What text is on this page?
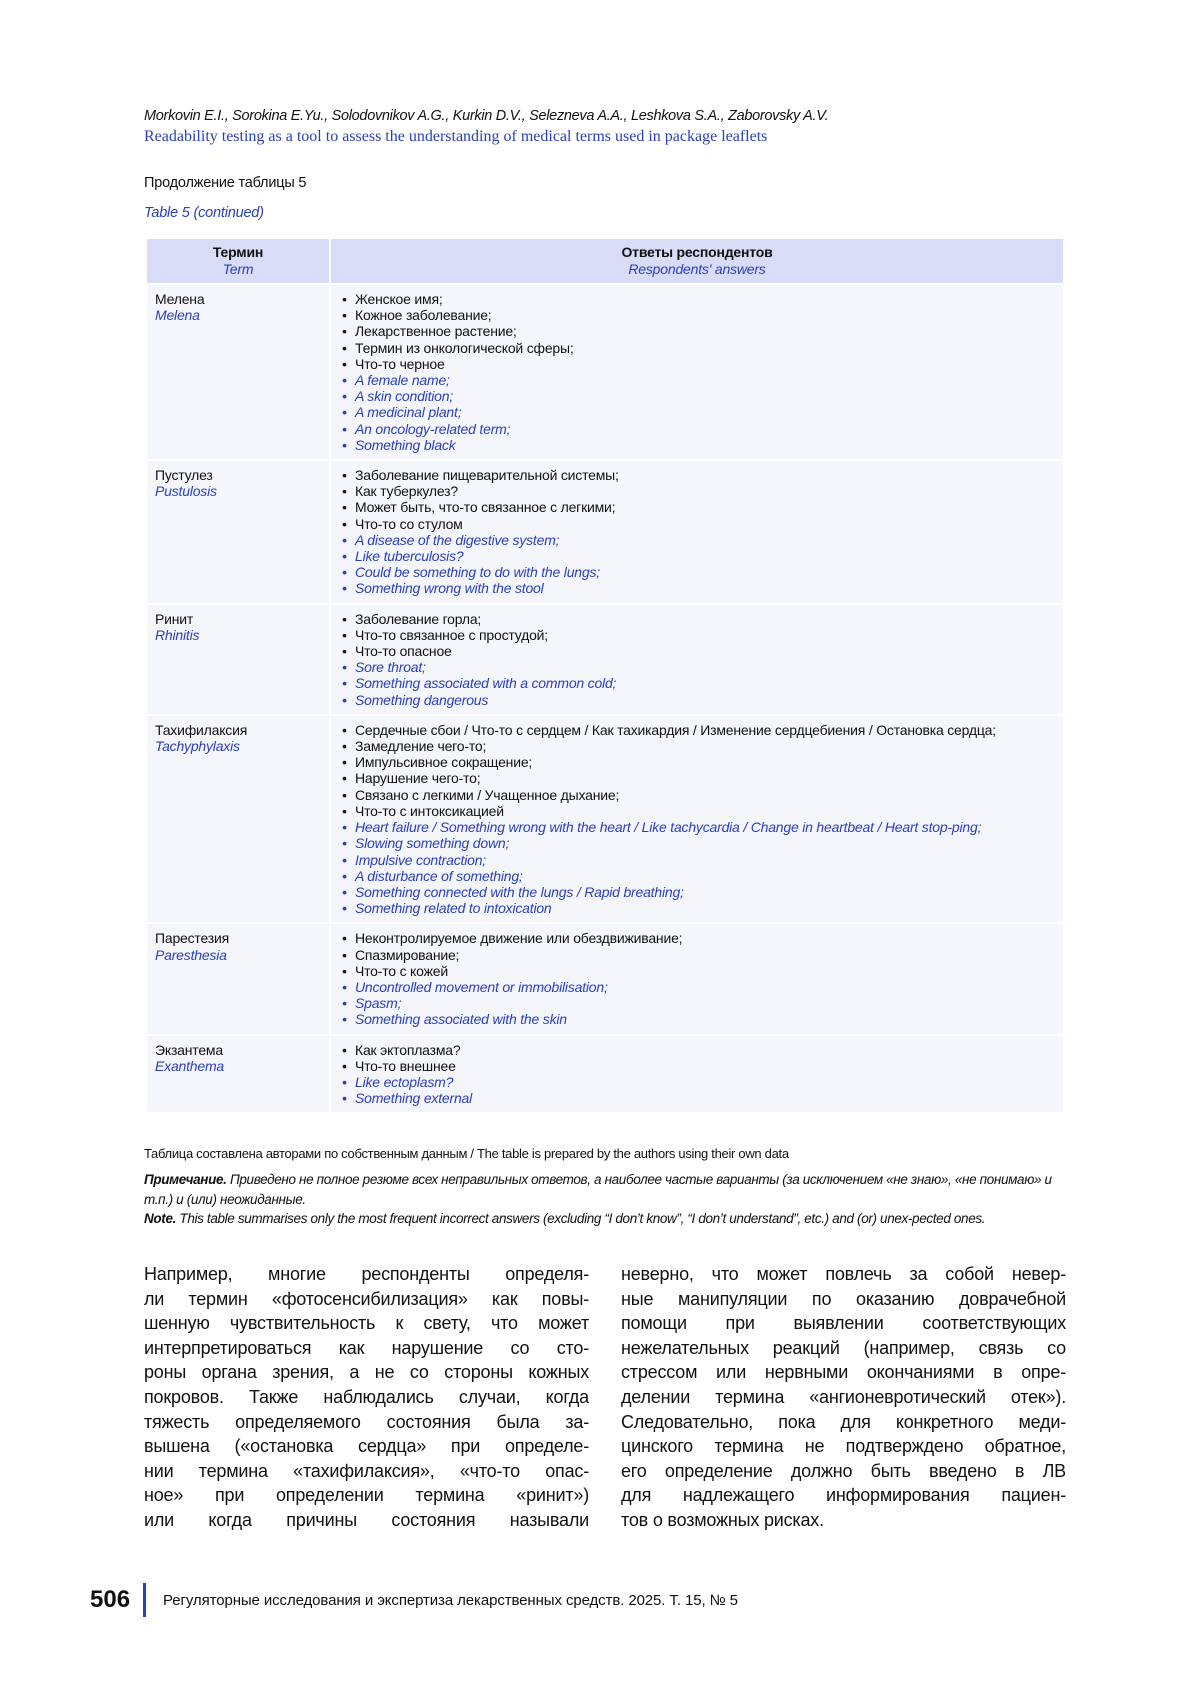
Morkovin E.I., Sorokina E.Yu., Solodovnikov A.G., Kurkin D.V., Selezneva A.A., Leshkova S.A., Zaborovsky A.V.
Readability testing as a tool to assess the understanding of medical terms used in package leaflets
Продолжение таблицы 5
Table 5 (continued)
Термин
Term

Ответы респондентов
Respondents' answers

Мелена
Melena

• Женское имя;
• Кожное заболевание;
• Лекарственное растение;
• Термин из онкологической сферы;
• Что-то черное
• A female name;
• A skin condition;
• A medicinal plant;
• An oncology-related term;
• Something black

Пустулез
Pustulosis

• Заболевание пищеварительной системы;
• Как туберкулез?
• Может быть, что-то связанное с легкими;
• Что-то со стулом
• A disease of the digestive system;
• Like tuberculosis?
• Could be something to do with the lungs;
• Something wrong with the stool

Ринит
Rhinitis

• Заболевание горла;
• Что-то связанное с простудой;
• Что-то опасное
• Sore throat;
• Something associated with a common cold;
• Something dangerous

Тахифилаксия
Tachyphylaxis

• Сердечные сбои / Что-то с сердцем / Как тахикардия / Изменение сердцебиения / Остановка сердца;
• Замедление чего-то;
• Импульсивное сокращение;
• Нарушение чего-то;
• Связано с легкими / Учащенное дыхание;
• Что-то с интоксикацией
• Heart failure / Something wrong with the heart / Like tachycardia / Change in heartbeat / Heart stop-ping;
• Slowing something down;
• Impulsive contraction;
• A disturbance of something;
• Something connected with the lungs / Rapid breathing;
• Something related to intoxication

Парестезия
Paresthesia

• Неконтролируемое движение или обездвиживание;
• Спазмирование;
• Что-то с кожей
• Uncontrolled movement or immobilisation;
• Spasm;
• Something associated with the skin

Экзантема
Exanthema

• Как эктоплазма?
• Что-то внешнее
• Like ectoplasm?
• Something external
Таблица составлена авторами по собственным данным / The table is prepared by the authors using their own data
Примечание. Приведено не полное резюме всех неправильных ответов, а наиболее частые варианты (за исключением «не знаю», «не понимаю» и т.п.) и (или) неожиданные.
Note. This table summarises only the most frequent incorrect answers (excluding “I don’t know”, “I don’t understand”, etc.) and (or) unex-pected ones.
Например, многие респонденты определя-
ли термин «фотосенсибилизация» как повы-
шенную чувствительность к свету, что может
интерпретироваться как нарушение со сто-
роны органа зрения, а не со стороны кожных
покровов. Также наблюдались случаи, когда
тяжесть определяемого состояния была за-
вышена («остановка сердца» при определе-
нии термина «тахифилаксия», «что-то опас-
ное» при определении термина «ринит»)
или когда причины состояния называли
неверно, что может повлечь за собой невер-
ные манипуляции по оказанию доврачебной
помощи при выявлении соответствующих
нежелательных реакций (например, связь со
стрессом или нервными окончаниями в опре-
делении термина «ангионевротический отек»).
Следовательно, пока для конкретного меди-
цинского термина не подтверждено обратное,
его определение должно быть введено в ЛВ
для надлежащего информирования пациен-
тов о возможных рисках.
506 Регуляторные исследования и экспертиза лекарственных средств. 2025. Т. 15, № 5
